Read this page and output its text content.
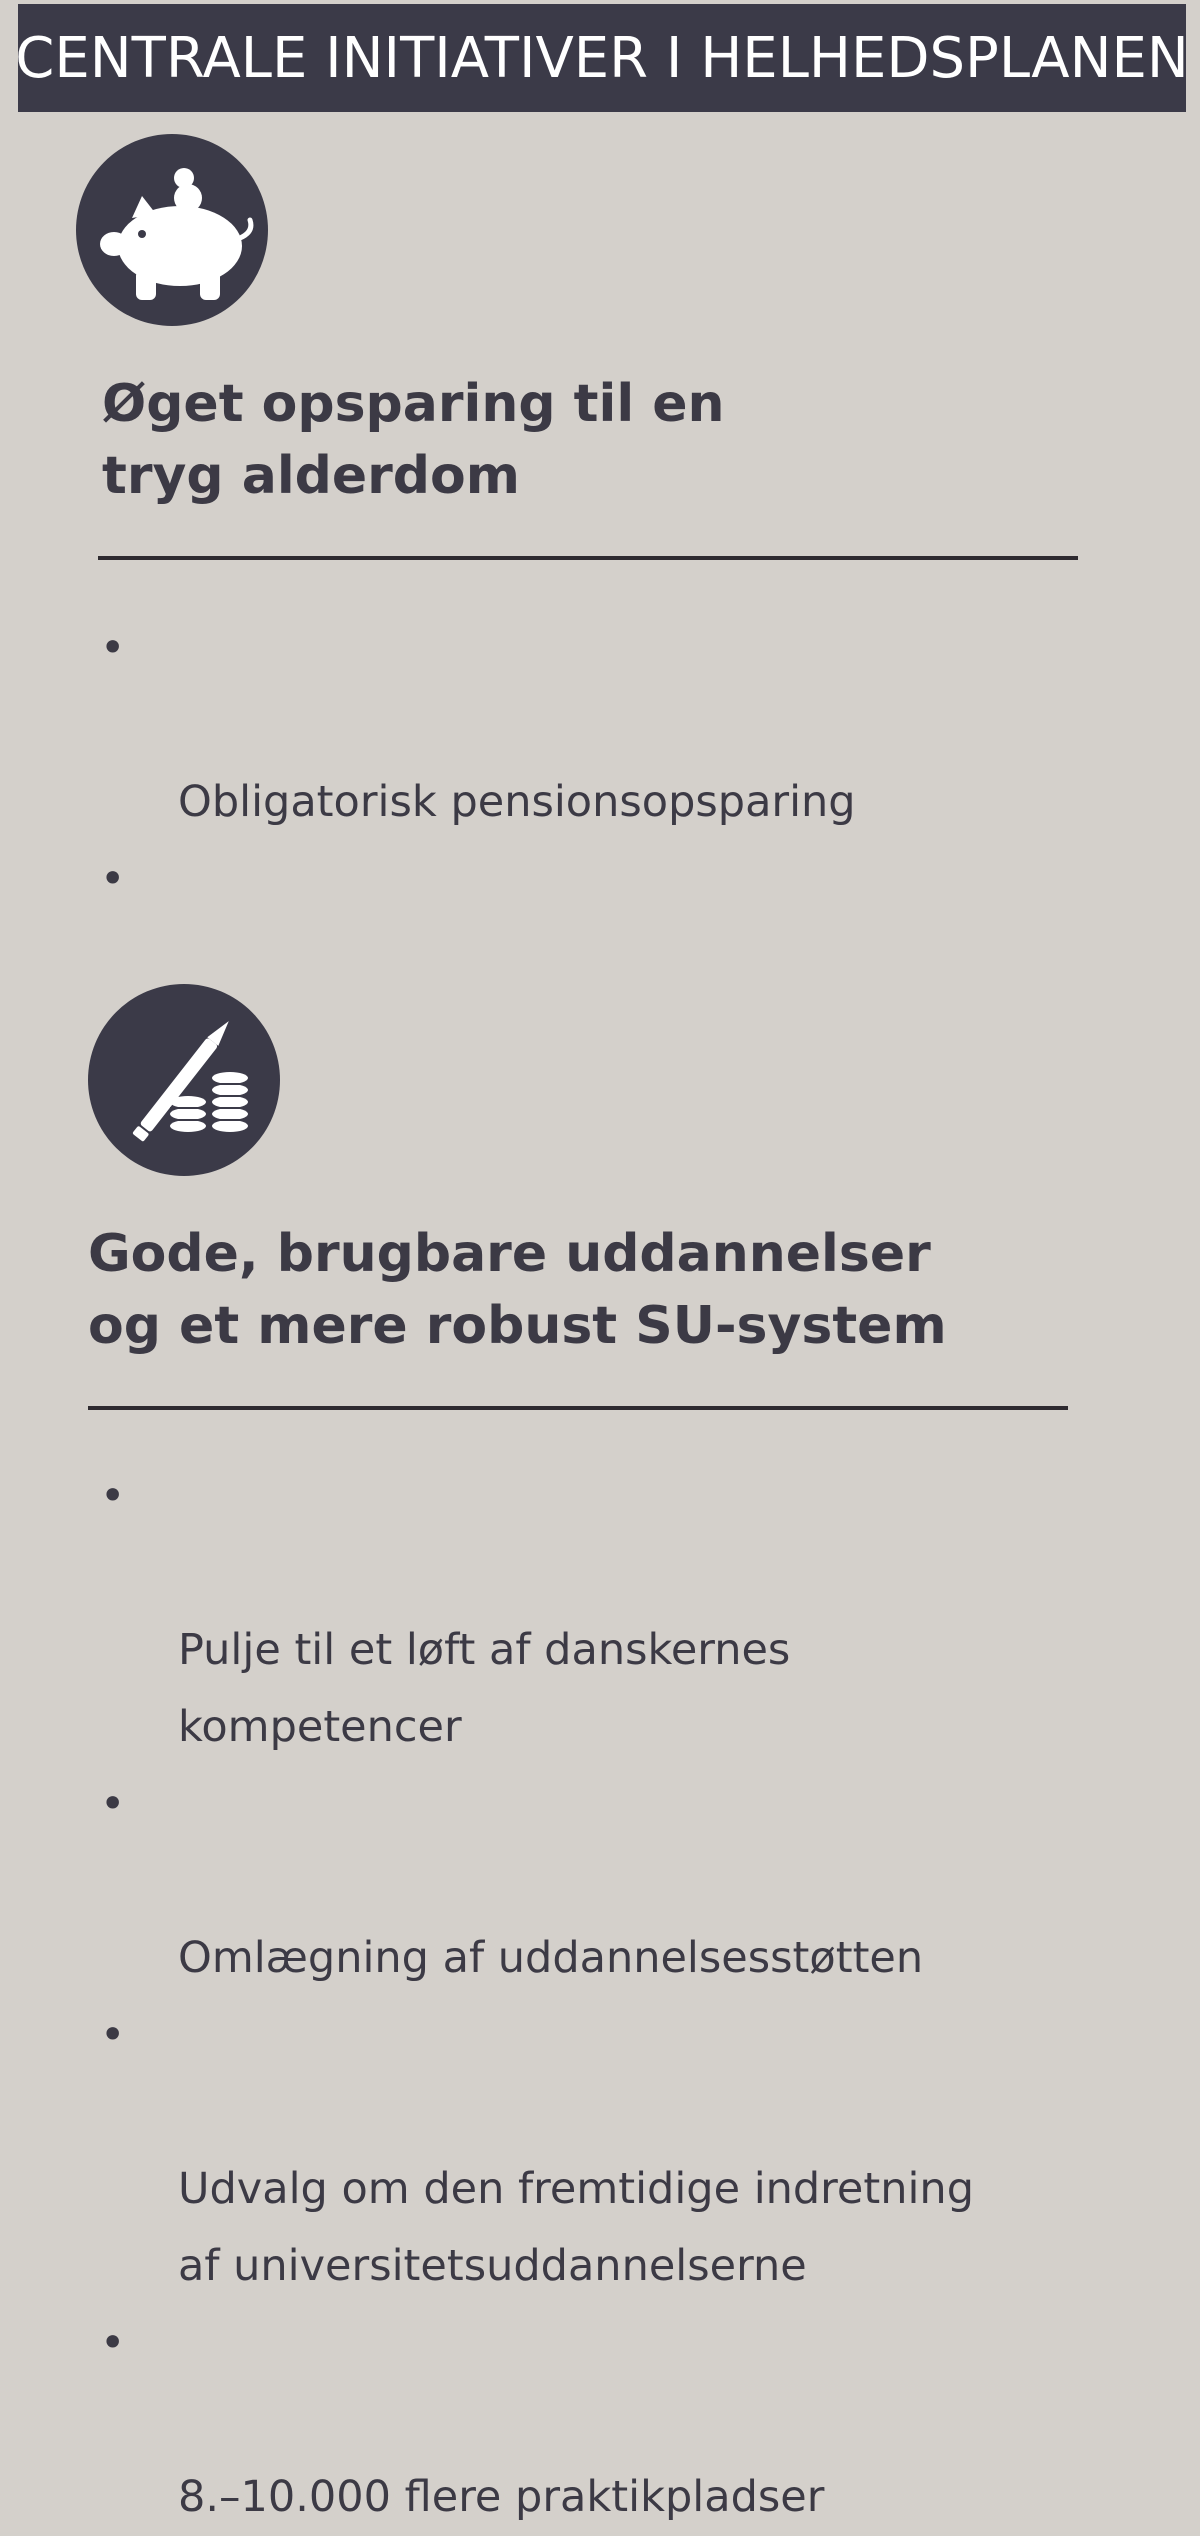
CENTRALE INITIATIVER I HELHEDSPLANEN
Øget opsparing til en
tryg alderdom

•

Obligatorisk pensionsopsparing

•

Gode, brugbare uddannelser
og et mere robust SU-system

•

Pulje til et løft af danskernes
kompetencer

•

Omlægning af uddannelsesstøtten

•

Udvalg om den fremtidige indretning
af universitetsuddannelserne

•

8.–10.000 flere praktikpladser
